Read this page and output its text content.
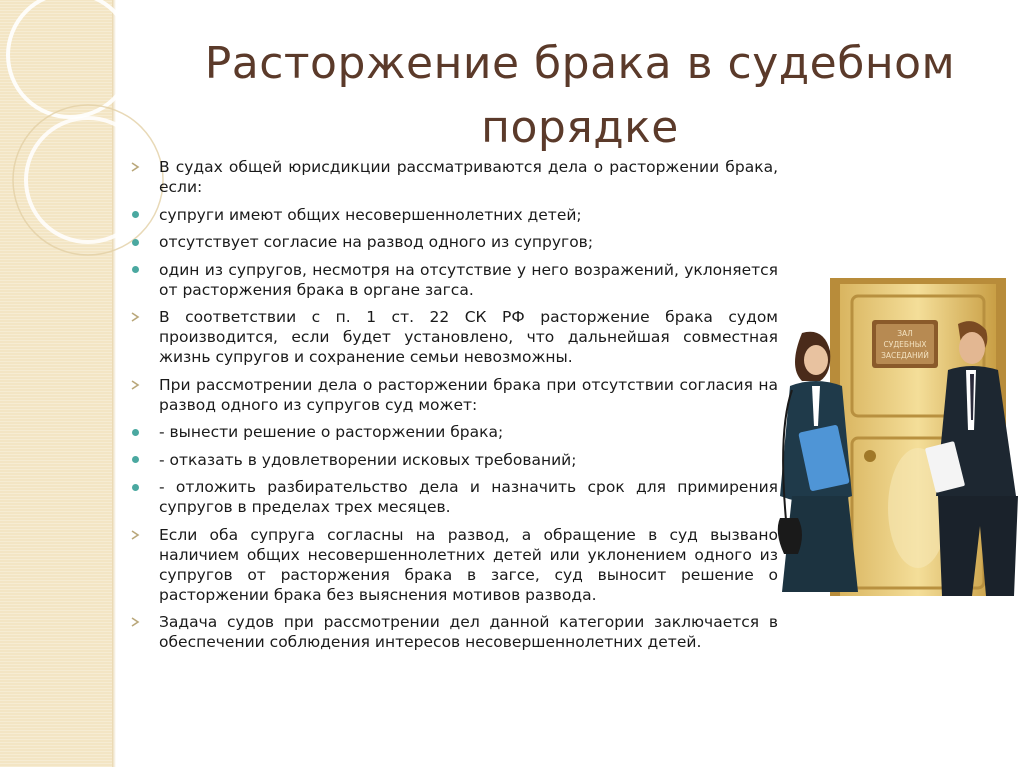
Расторжение брака в судебном порядке
В судах общей юрисдикции рассматриваются дела о расторжении брака, если:
супруги имеют общих несовершеннолетних детей;
отсутствует согласие на развод одного из супругов;
один из супругов, несмотря на отсутствие у него возражений, уклоняется от расторжения брака в органе загса.
В соответствии с п. 1 ст. 22 СК РФ расторжение брака судом производится, если будет установлено, что дальнейшая совместная жизнь супругов и сохранение семьи невозможны.
При рассмотрении дела о расторжении брака при отсутствии согласия на развод одного из супругов суд может:
- вынести решение о расторжении брака;
- отказать в удовлетворении исковых требований;
- отложить разбирательство дела и назначить срок для примирения супругов в пределах трех месяцев.
Если оба супруга согласны на развод, а обращение в суд вызвано наличием общих несовершеннолетних детей или уклонением одного из супругов от расторжения брака в загсе, суд выносит решение о расторжении брака без выяснения мотивов развода.
Задача судов при рассмотрении дел данной категории заключается в обеспечении соблюдения интересов несовершеннолетних детей.
ЗАЛ
СУДЕБНЫХ
ЗАСЕДАНИЙ
